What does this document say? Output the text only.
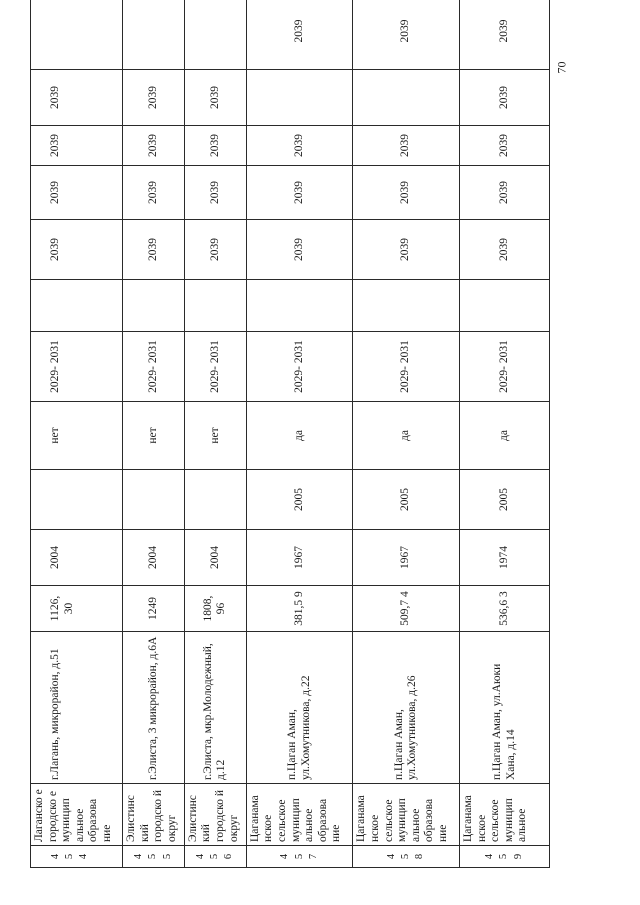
70
4 5 4	Лаганско е городско е муницип альное образова ние	г.Лагань, микрорайон, д.51	1126, 30	2004		нет	2029- 2031		2039	2039	2039	2039	

4 5 5	Элистинс кий городско й округ	г.Элиста, 3 микрорайон, д.6А	1249	2004		нет	2029- 2031		2039	2039	2039	2039	

4 5 6	Элистинс кий городско й округ	г.Элиста, мкр.Молодежный, д.12	1808, 96	2004		нет	2029- 2031		2039	2039	2039	2039	

4 5 7	Цаганама нское сельское муницип альное образова ние	п.Цаган Аман, ул.Хомутникова, д.22	381,5 9	1967	2005	да	2029- 2031		2039	2039	2039		2039

4 5 8	Цаганама нское сельское муницип альное образова ние	п.Цаган Аман, ул.Хомутникова, д.26	509,7 4	1967	2005	да	2029- 2031		2039	2039	2039		2039

4 5 9	Цаганама нское сельское муницип альное	п.Цаган Аман, ул.Аюки Хана, д.14	536,6 3	1974	2005	да	2029- 2031		2039	2039	2039	2039	2039
